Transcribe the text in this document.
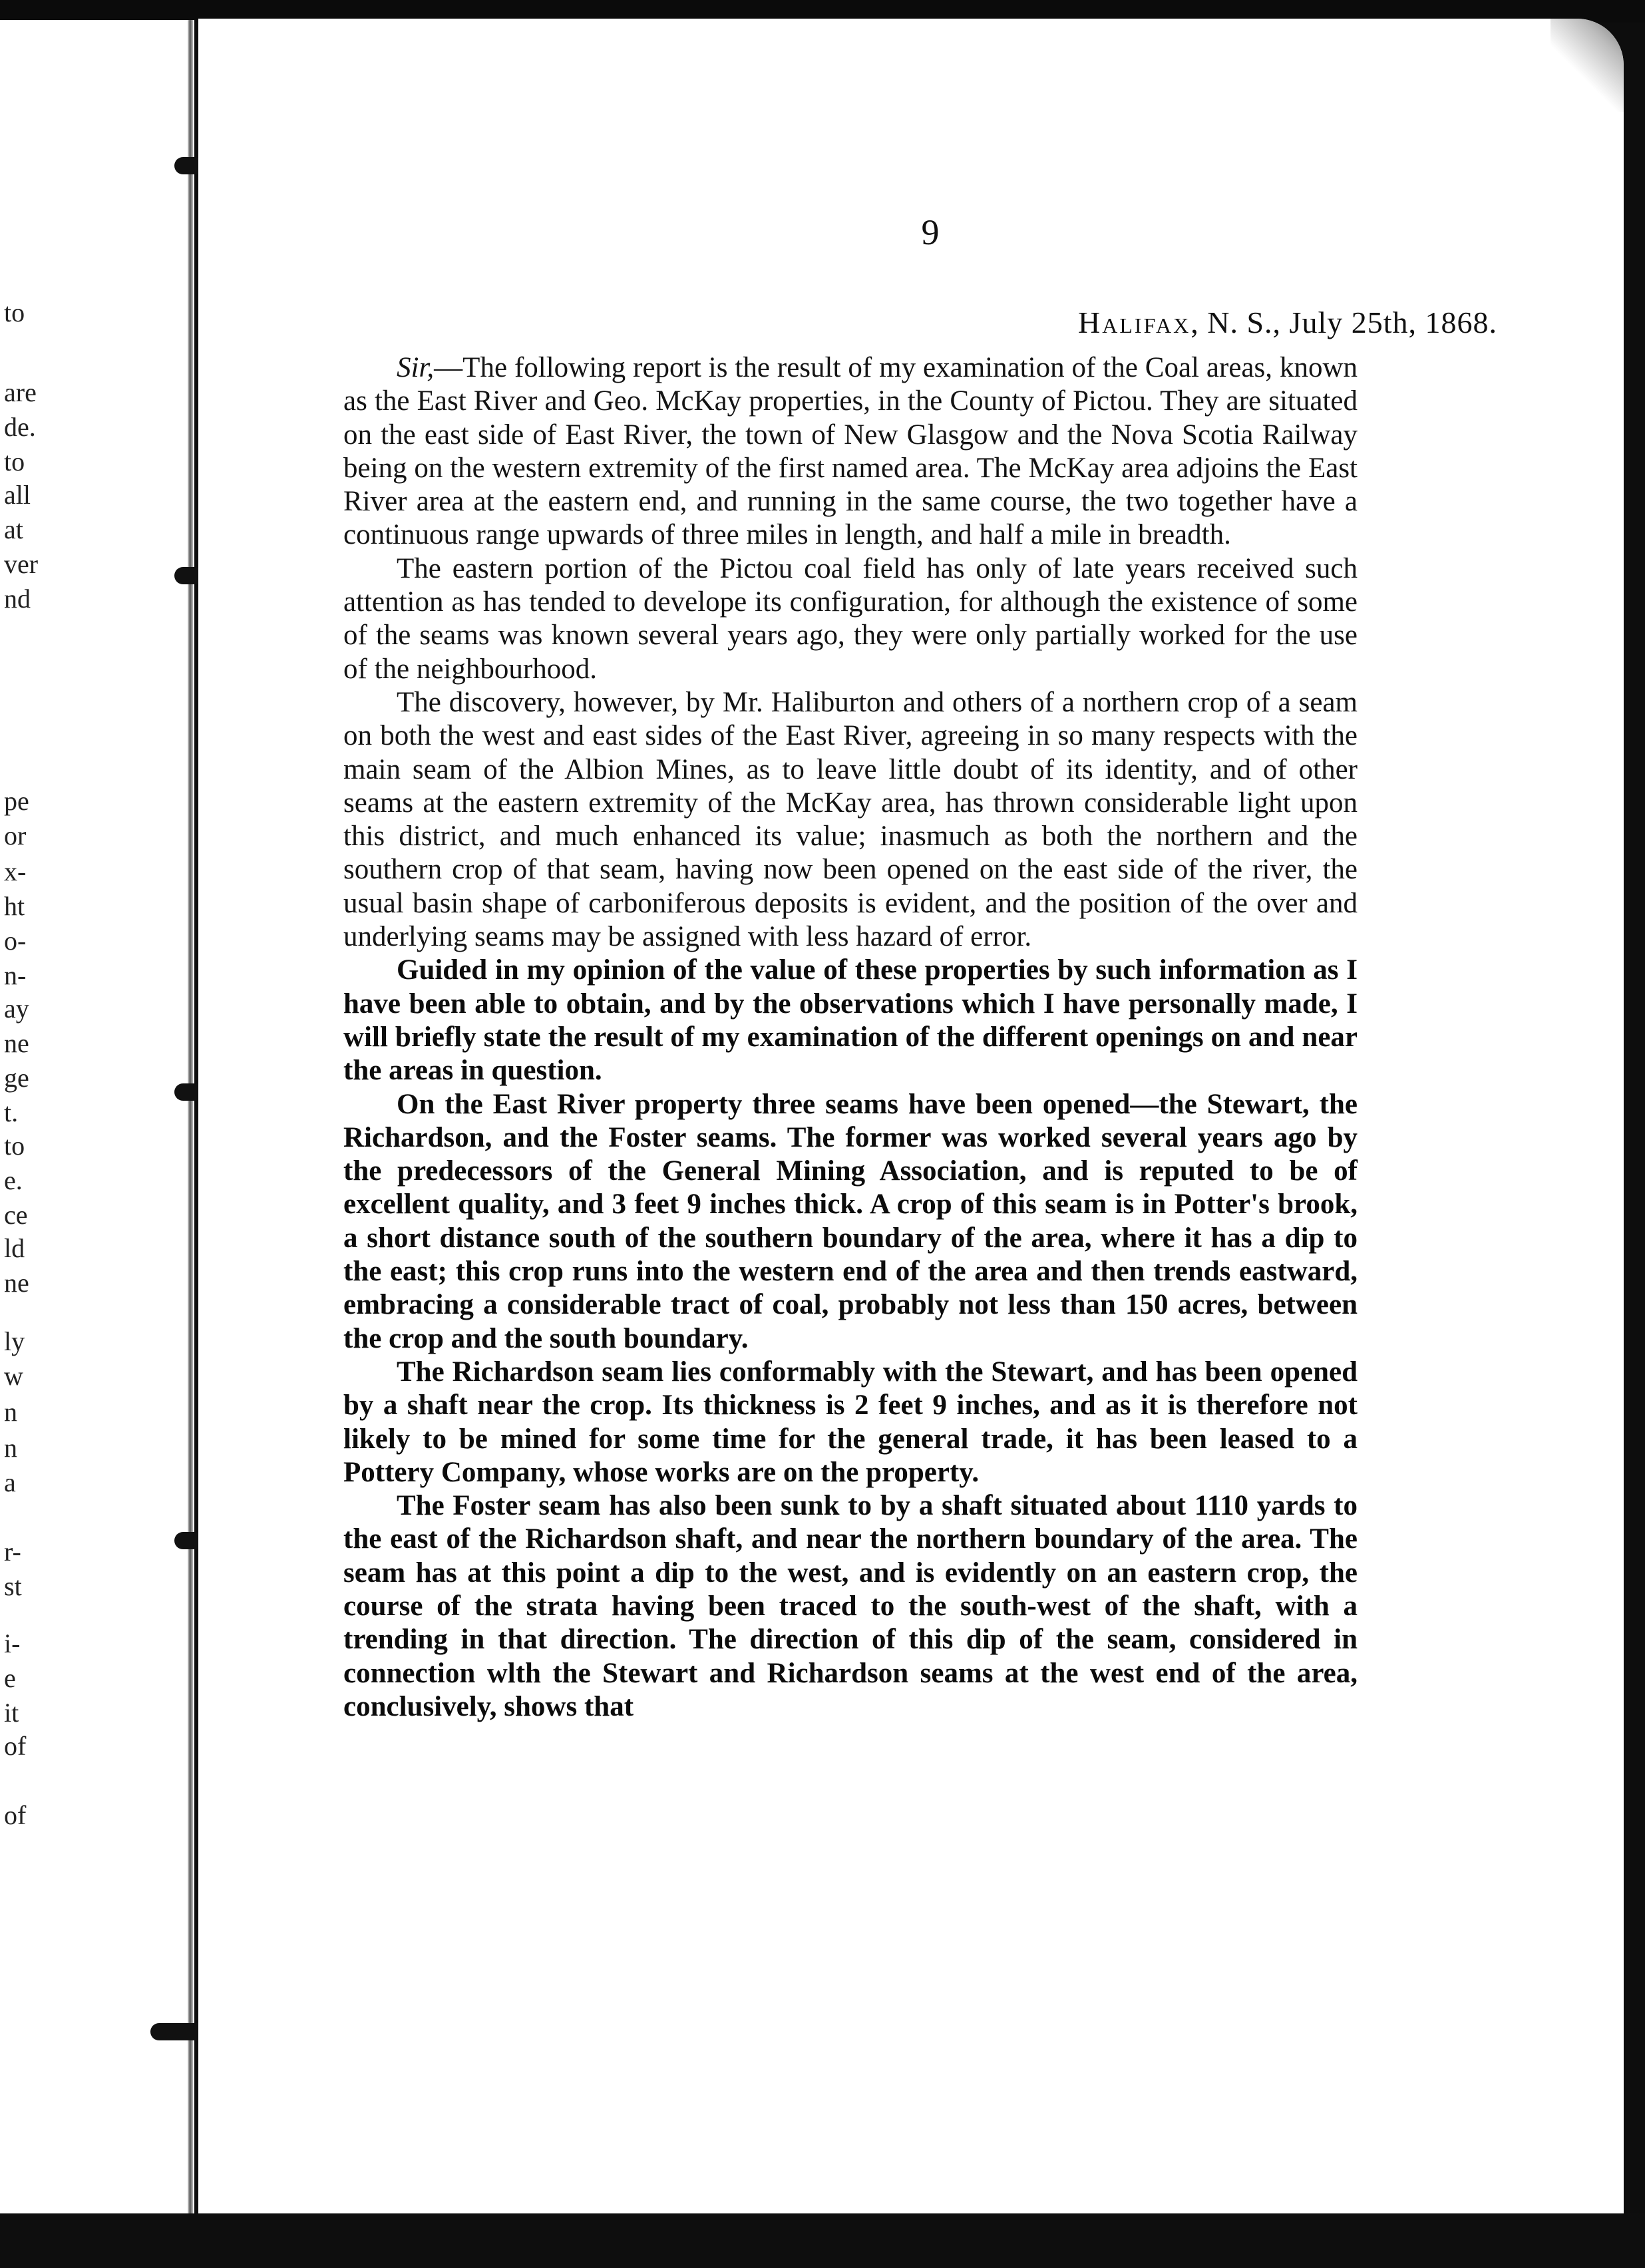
to
are
de.
to
all
at
ver
nd
pe
or
x-
ht
o-
n-
ay
ne
ge
t.
to
e.
ce
ld
ne
ly
w
n
n
a
r-
st
i-
e
it
of
of
9
Halifax, N. S., July 25th, 1868.

Sir,—The following report is the result of my examination of the Coal areas, known as the East River and Geo. McKay properties, in the County of Pictou. They are situated on the east side of East River, the town of New Glasgow and the Nova Scotia Railway being on the western extremity of the first named area. The McKay area adjoins the East River area at the eastern end, and running in the same course, the two together have a continuous range upwards of three miles in length, and half a mile in breadth.

The eastern portion of the Pictou coal field has only of late years received such attention as has tended to develope its configuration, for although the existence of some of the seams was known several years ago, they were only partially worked for the use of the neighbourhood.

The discovery, however, by Mr. Haliburton and others of a northern crop of a seam on both the west and east sides of the East River, agreeing in so many respects with the main seam of the Albion Mines, as to leave little doubt of its identity, and of other seams at the eastern extremity of the McKay area, has thrown considerable light upon this district, and much enhanced its value; inasmuch as both the northern and the southern crop of that seam, having now been opened on the east side of the river, the usual basin shape of carboniferous deposits is evident, and the position of the over and underlying seams may be assigned with less hazard of error.

Guided in my opinion of the value of these properties by such information as I have been able to obtain, and by the observations which I have personally made, I will briefly state the result of my examination of the different openings on and near the areas in question.

On the East River property three seams have been opened—the Stewart, the Richardson, and the Foster seams. The former was worked several years ago by the predecessors of the General Mining Association, and is reputed to be of excellent quality, and 3 feet 9 inches thick. A crop of this seam is in Potter's brook, a short distance south of the southern boundary of the area, where it has a dip to the east; this crop runs into the western end of the area and then trends eastward, embracing a considerable tract of coal, probably not less than 150 acres, between the crop and the south boundary.

The Richardson seam lies conformably with the Stewart, and has been opened by a shaft near the crop. Its thickness is 2 feet 9 inches, and as it is therefore not likely to be mined for some time for the general trade, it has been leased to a Pottery Company, whose works are on the property.

The Foster seam has also been sunk to by a shaft situated about 1110 yards to the east of the Richardson shaft, and near the northern boundary of the area. The seam has at this point a dip to the west, and is evidently on an eastern crop, the course of the strata having been traced to the south-west of the shaft, with a trending in that direction. The direction of this dip of the seam, considered in connection wlth the Stewart and Richardson seams at the west end of the area, conclusively, shows that
